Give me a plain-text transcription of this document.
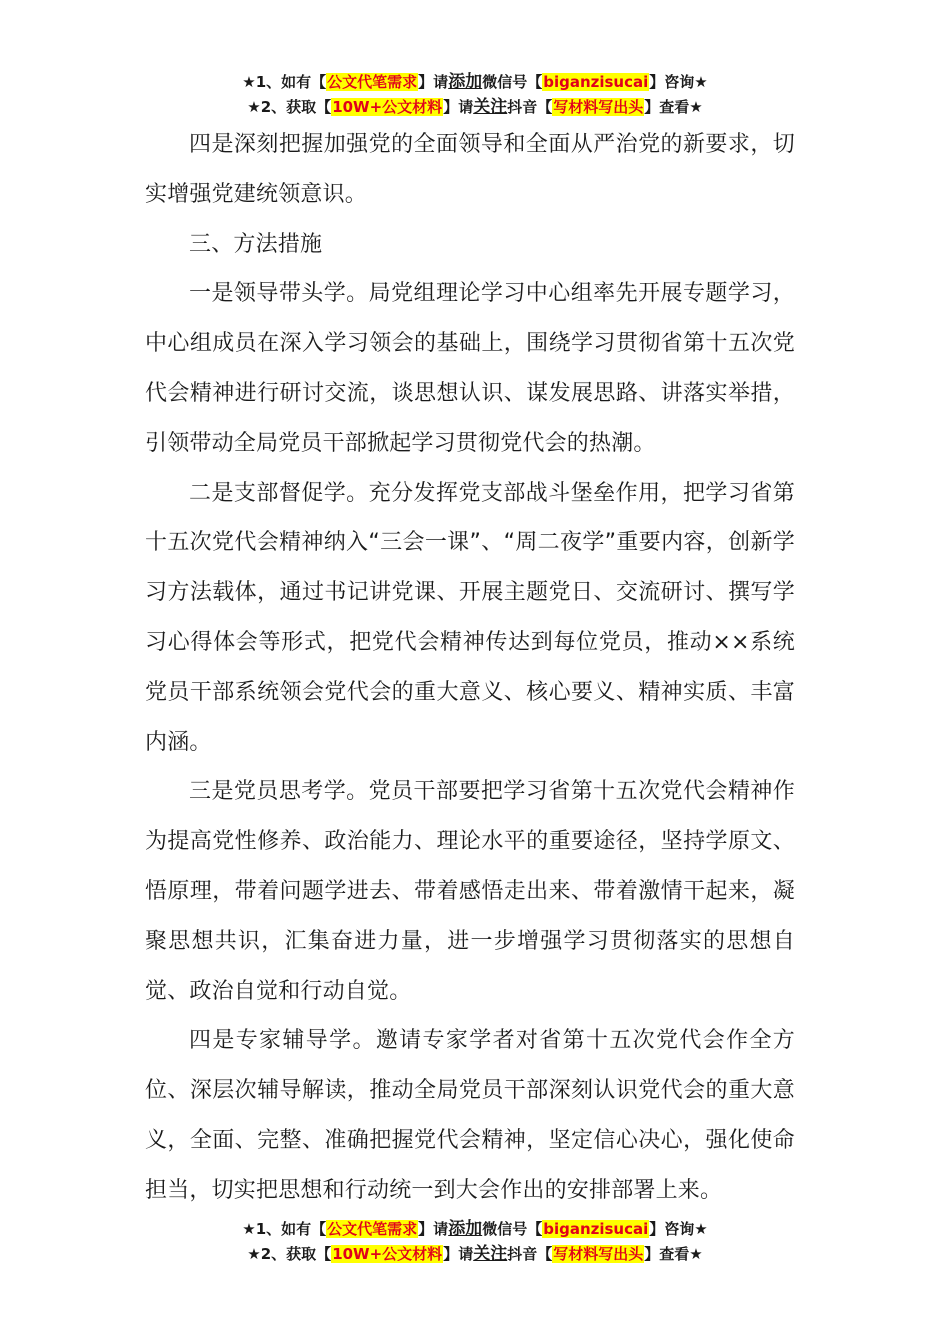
★1、如有【公文代笔需求】请添加微信号【biganzisucai】咨询★
★2、获取【10W+公文材料】请关注抖音【写材料写出头】查看★

四是深刻把握加强党的全面领导和全面从严治党的新要求，切实增强党建统领意识。

三、方法措施

一是领导带头学。局党组理论学习中心组率先开展专题学习，中心组成员在深入学习领会的基础上，围绕学习贯彻省第十五次党代会精神进行研讨交流，谈思想认识、谋发展思路、讲落实举措，引领带动全局党员干部掀起学习贯彻党代会的热潮。

二是支部督促学。充分发挥党支部战斗堡垒作用，把学习省第十五次党代会精神纳入“三会一课”、“周二夜学”重要内容，创新学习方法载体，通过书记讲党课、开展主题党日、交流研讨、撰写学习心得体会等形式，把党代会精神传达到每位党员，推动××系统党员干部系统领会党代会的重大意义、核心要义、精神实质、丰富内涵。

三是党员思考学。党员干部要把学习省第十五次党代会精神作为提高党性修养、政治能力、理论水平的重要途径，坚持学原文、悟原理，带着问题学进去、带着感悟走出来、带着激情干起来，凝聚思想共识，汇集奋进力量，进一步增强学习贯彻落实的思想自觉、政治自觉和行动自觉。

四是专家辅导学。邀请专家学者对省第十五次党代会作全方位、深层次辅导解读，推动全局党员干部深刻认识党代会的重大意义，全面、完整、准确把握党代会精神，坚定信心决心，强化使命担当，切实把思想和行动统一到大会作出的安排部署上来。

★1、如有【公文代笔需求】请添加微信号【biganzisucai】咨询★
★2、获取【10W+公文材料】请关注抖音【写材料写出头】查看★
